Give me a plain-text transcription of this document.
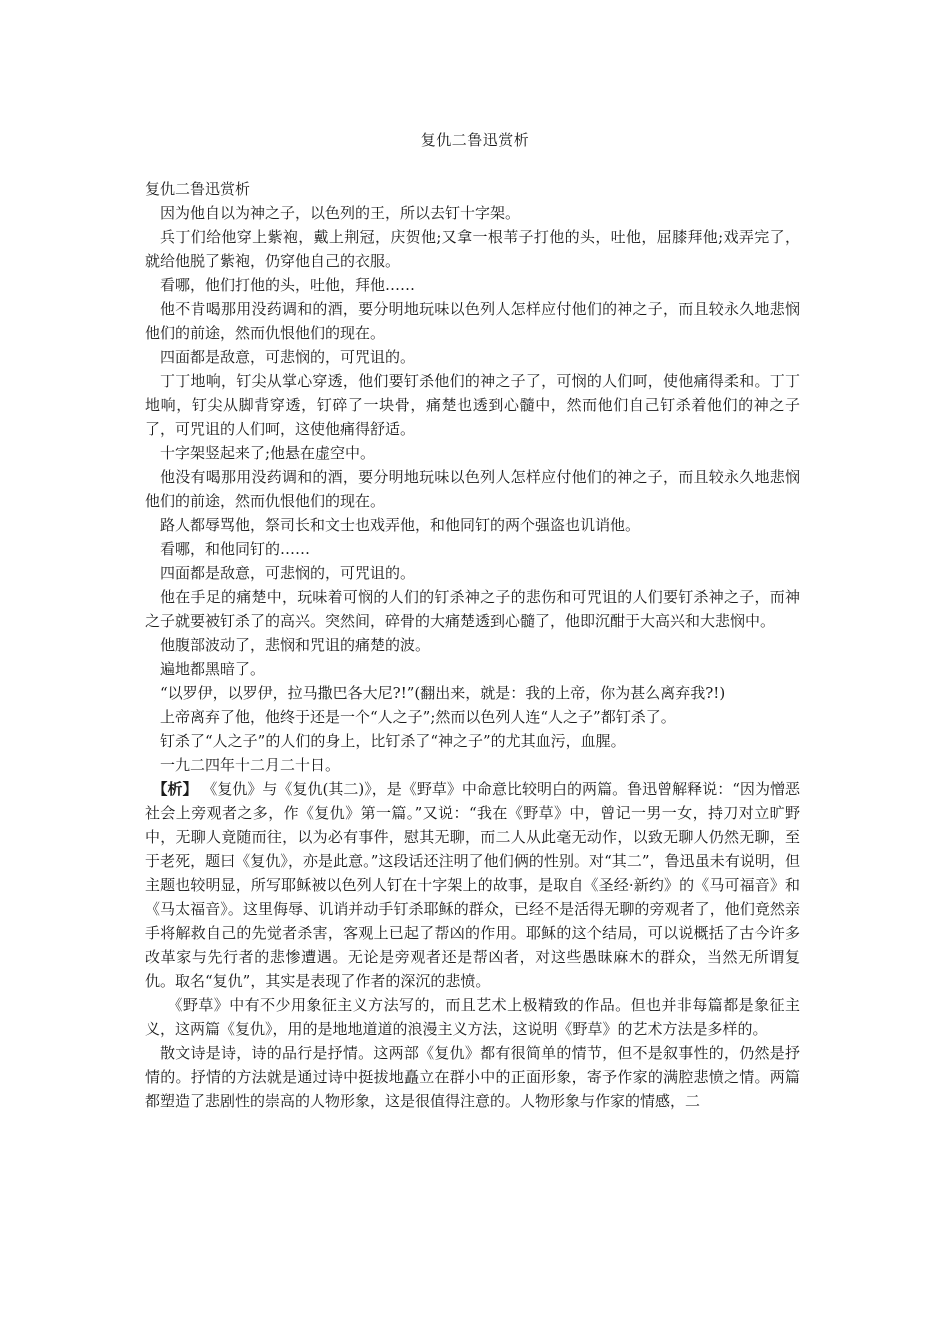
复仇二鲁迅赏析

复仇二鲁迅赏析

因为他自以为神之子，以色列的王，所以去钉十字架。

兵丁们给他穿上紫袍，戴上荆冠，庆贺他;又拿一根苇子打他的头，吐他，屈膝拜他;戏弄完了，就给他脱了紫袍，仍穿他自己的衣服。

看哪，他们打他的头，吐他，拜他……

他不肯喝那用没药调和的酒，要分明地玩味以色列人怎样应付他们的神之子，而且较永久地悲悯他们的前途，然而仇恨他们的现在。

四面都是敌意，可悲悯的，可咒诅的。

丁丁地响，钉尖从掌心穿透，他们要钉杀他们的神之子了，可悯的人们呵，使他痛得柔和。丁丁地响，钉尖从脚背穿透，钉碎了一块骨，痛楚也透到心髓中，然而他们自己钉杀着他们的神之子了，可咒诅的人们呵，这使他痛得舒适。

十字架竖起来了;他悬在虚空中。

他没有喝那用没药调和的酒，要分明地玩味以色列人怎样应付他们的神之子，而且较永久地悲悯他们的前途，然而仇恨他们的现在。

路人都辱骂他，祭司长和文士也戏弄他，和他同钉的两个强盗也讥诮他。

看哪，和他同钉的……

四面都是敌意，可悲悯的，可咒诅的。

他在手足的痛楚中，玩味着可悯的人们的钉杀神之子的悲伤和可咒诅的人们要钉杀神之子，而神之子就要被钉杀了的高兴。突然间，碎骨的大痛楚透到心髓了，他即沉酣于大高兴和大悲悯中。

他腹部波动了，悲悯和咒诅的痛楚的波。

遍地都黑暗了。

“以罗伊，以罗伊，拉马撒巴各大尼?!”(翻出来，就是：我的上帝，你为甚么离弃我?!)

上帝离弃了他，他终于还是一个“人之子”;然而以色列人连“人之子”都钉杀了。

钉杀了“人之子”的人们的身上，比钉杀了“神之子”的尤其血污，血腥。

一九二四年十二月二十日。

【析】 《复仇》与《复仇(其二)》，是《野草》中命意比较明白的两篇。鲁迅曾解释说：“因为憎恶社会上旁观者之多，作《复仇》第一篇。”又说：“我在《野草》中，曾记一男一女，持刀对立旷野中，无聊人竟随而往，以为必有事件，慰其无聊，而二人从此毫无动作，以致无聊人仍然无聊，至于老死，题曰《复仇》，亦是此意。”这段话还注明了他们俩的性别。对“其二”，鲁迅虽未有说明，但主题也较明显，所写耶稣被以色列人钉在十字架上的故事，是取自《圣经·新约》的《马可福音》和《马太福音》。这里侮辱、讥诮并动手钉杀耶稣的群众，已经不是活得无聊的旁观者了，他们竟然亲手将解救自己的先觉者杀害，客观上已起了帮凶的作用。耶稣的这个结局，可以说概括了古今许多改革家与先行者的悲惨遭遇。无论是旁观者还是帮凶者，对这些愚昧麻木的群众，当然无所谓复仇。取名“复仇”，其实是表现了作者的深沉的悲愤。

《野草》中有不少用象征主义方法写的，而且艺术上极精致的作品。但也并非每篇都是象征主义，这两篇《复仇》，用的是地地道道的浪漫主义方法，这说明《野草》的艺术方法是多样的。

散文诗是诗，诗的品行是抒情。这两部《复仇》都有很简单的情节，但不是叙事性的，仍然是抒情的。抒情的方法就是通过诗中挺拔地矗立在群小中的正面形象，寄予作家的满腔悲愤之情。两篇都塑造了悲剧性的崇高的人物形象，这是很值得注意的。人物形象与作家的情感，二
